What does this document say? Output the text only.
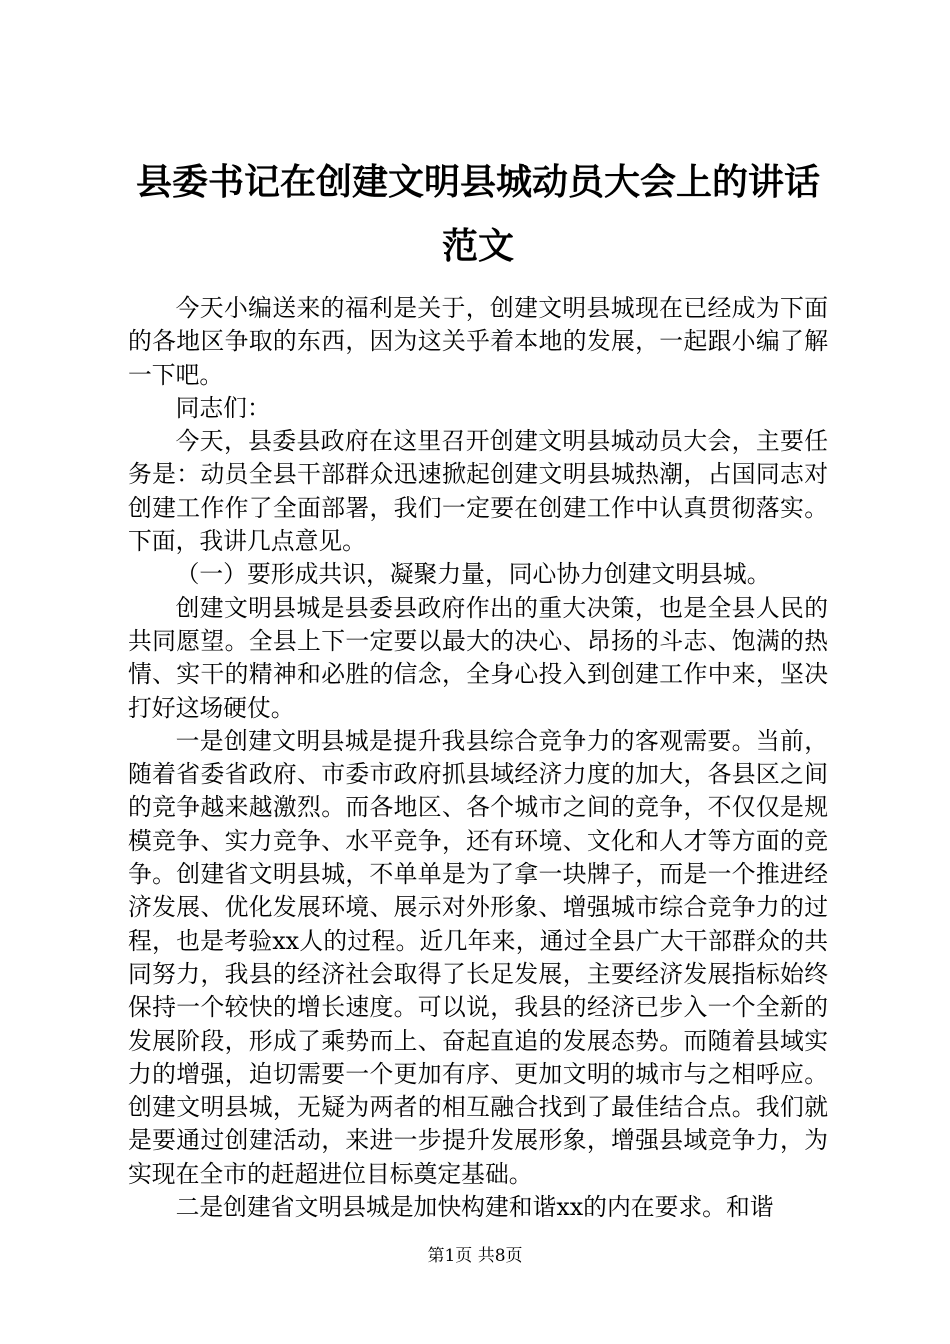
县委书记在创建文明县城动员大会上的讲话范文

今天小编送来的福利是关于，创建文明县城现在已经成为下面的各地区争取的东西，因为这关乎着本地的发展，一起跟小编了解一下吧。

同志们：

今天，县委县政府在这里召开创建文明县城动员大会，主要任务是：动员全县干部群众迅速掀起创建文明县城热潮，占国同志对创建工作作了全面部署，我们一定要在创建工作中认真贯彻落实。下面，我讲几点意见。

（一）要形成共识，凝聚力量，同心协力创建文明县城。

创建文明县城是县委县政府作出的重大决策，也是全县人民的共同愿望。全县上下一定要以最大的决心、昂扬的斗志、饱满的热情、实干的精神和必胜的信念，全身心投入到创建工作中来，坚决打好这场硬仗。

一是创建文明县城是提升我县综合竞争力的客观需要。当前，随着省委省政府、市委市政府抓县域经济力度的加大，各县区之间的竞争越来越激烈。而各地区、各个城市之间的竞争，不仅仅是规模竞争、实力竞争、水平竞争，还有环境、文化和人才等方面的竞争。创建省文明县城，不单单是为了拿一块牌子，而是一个推进经济发展、优化发展环境、展示对外形象、增强城市综合竞争力的过程，也是考验xx人的过程。近几年来，通过全县广大干部群众的共同努力，我县的经济社会取得了长足发展，主要经济发展指标始终保持一个较快的增长速度。可以说，我县的经济已步入一个全新的发展阶段，形成了乘势而上、奋起直追的发展态势。而随着县域实力的增强，迫切需要一个更加有序、更加文明的城市与之相呼应。创建文明县城，无疑为两者的相互融合找到了最佳结合点。我们就是要通过创建活动，来进一步提升发展形象，增强县域竞争力，为实现在全市的赶超进位目标奠定基础。

二是创建省文明县城是加快构建和谐xx的内在要求。和谐

第1页 共8页
